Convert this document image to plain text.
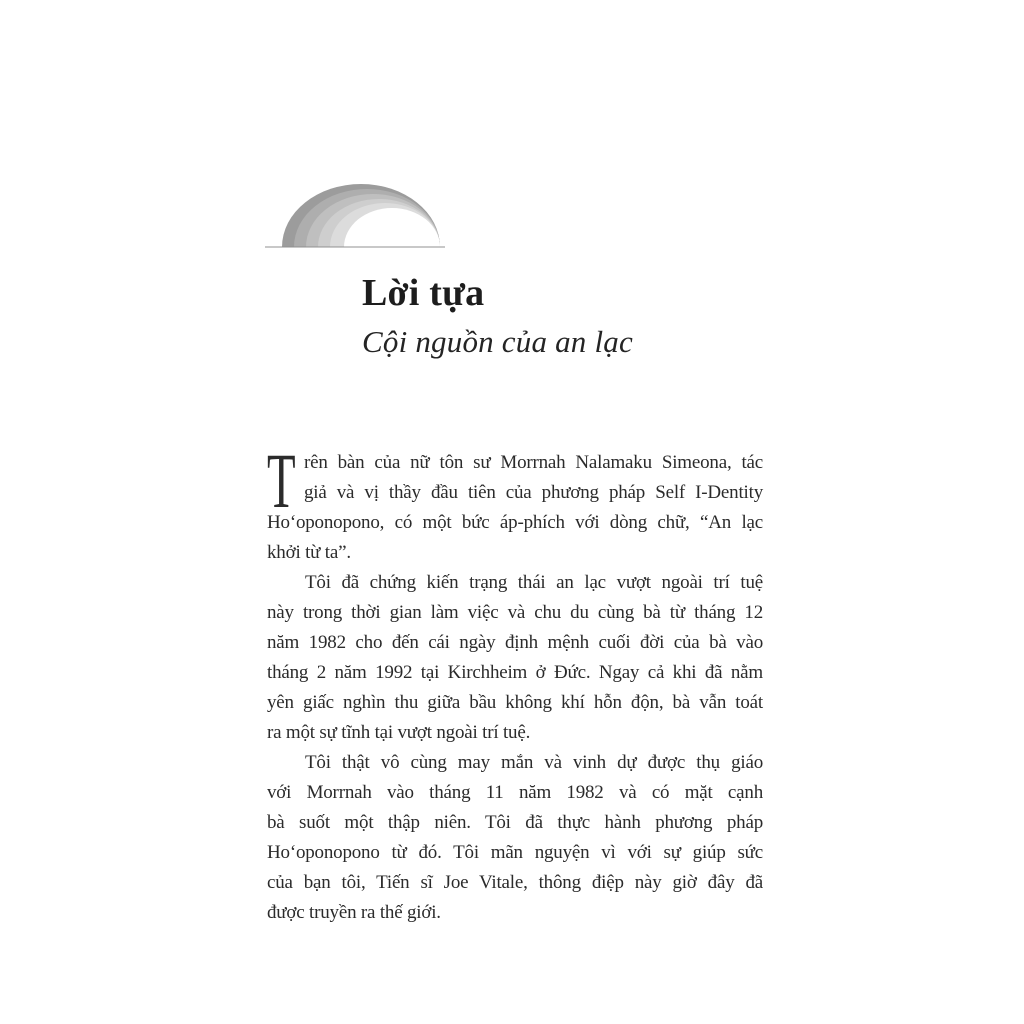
Lời tựa
Cội nguồn của an lạc
T rên bàn của nữ tôn sư Morrnah Nalamaku Simeona, tác
giả và vị thầy đầu tiên của phương pháp Self I-Dentity
Hoʻoponopono, có một bức áp-phích với dòng chữ, “An lạc
khởi từ ta”.
Tôi đã chứng kiến trạng thái an lạc vượt ngoài trí tuệ
này trong thời gian làm việc và chu du cùng bà từ tháng 12
năm 1982 cho đến cái ngày định mệnh cuối đời của bà vào
tháng 2 năm 1992 tại Kirchheim ở Đức. Ngay cả khi đã nằm
yên giấc nghìn thu giữa bầu không khí hỗn độn, bà vẫn toát
ra một sự tĩnh tại vượt ngoài trí tuệ.
Tôi thật vô cùng may mắn và vinh dự được thụ giáo
với Morrnah vào tháng 11 năm 1982 và có mặt cạnh
bà suốt một thập niên. Tôi đã thực hành phương pháp
Hoʻoponopono từ đó. Tôi mãn nguyện vì với sự giúp sức
của bạn tôi, Tiến sĩ Joe Vitale, thông điệp này giờ đây đã
được truyền ra thế giới.
